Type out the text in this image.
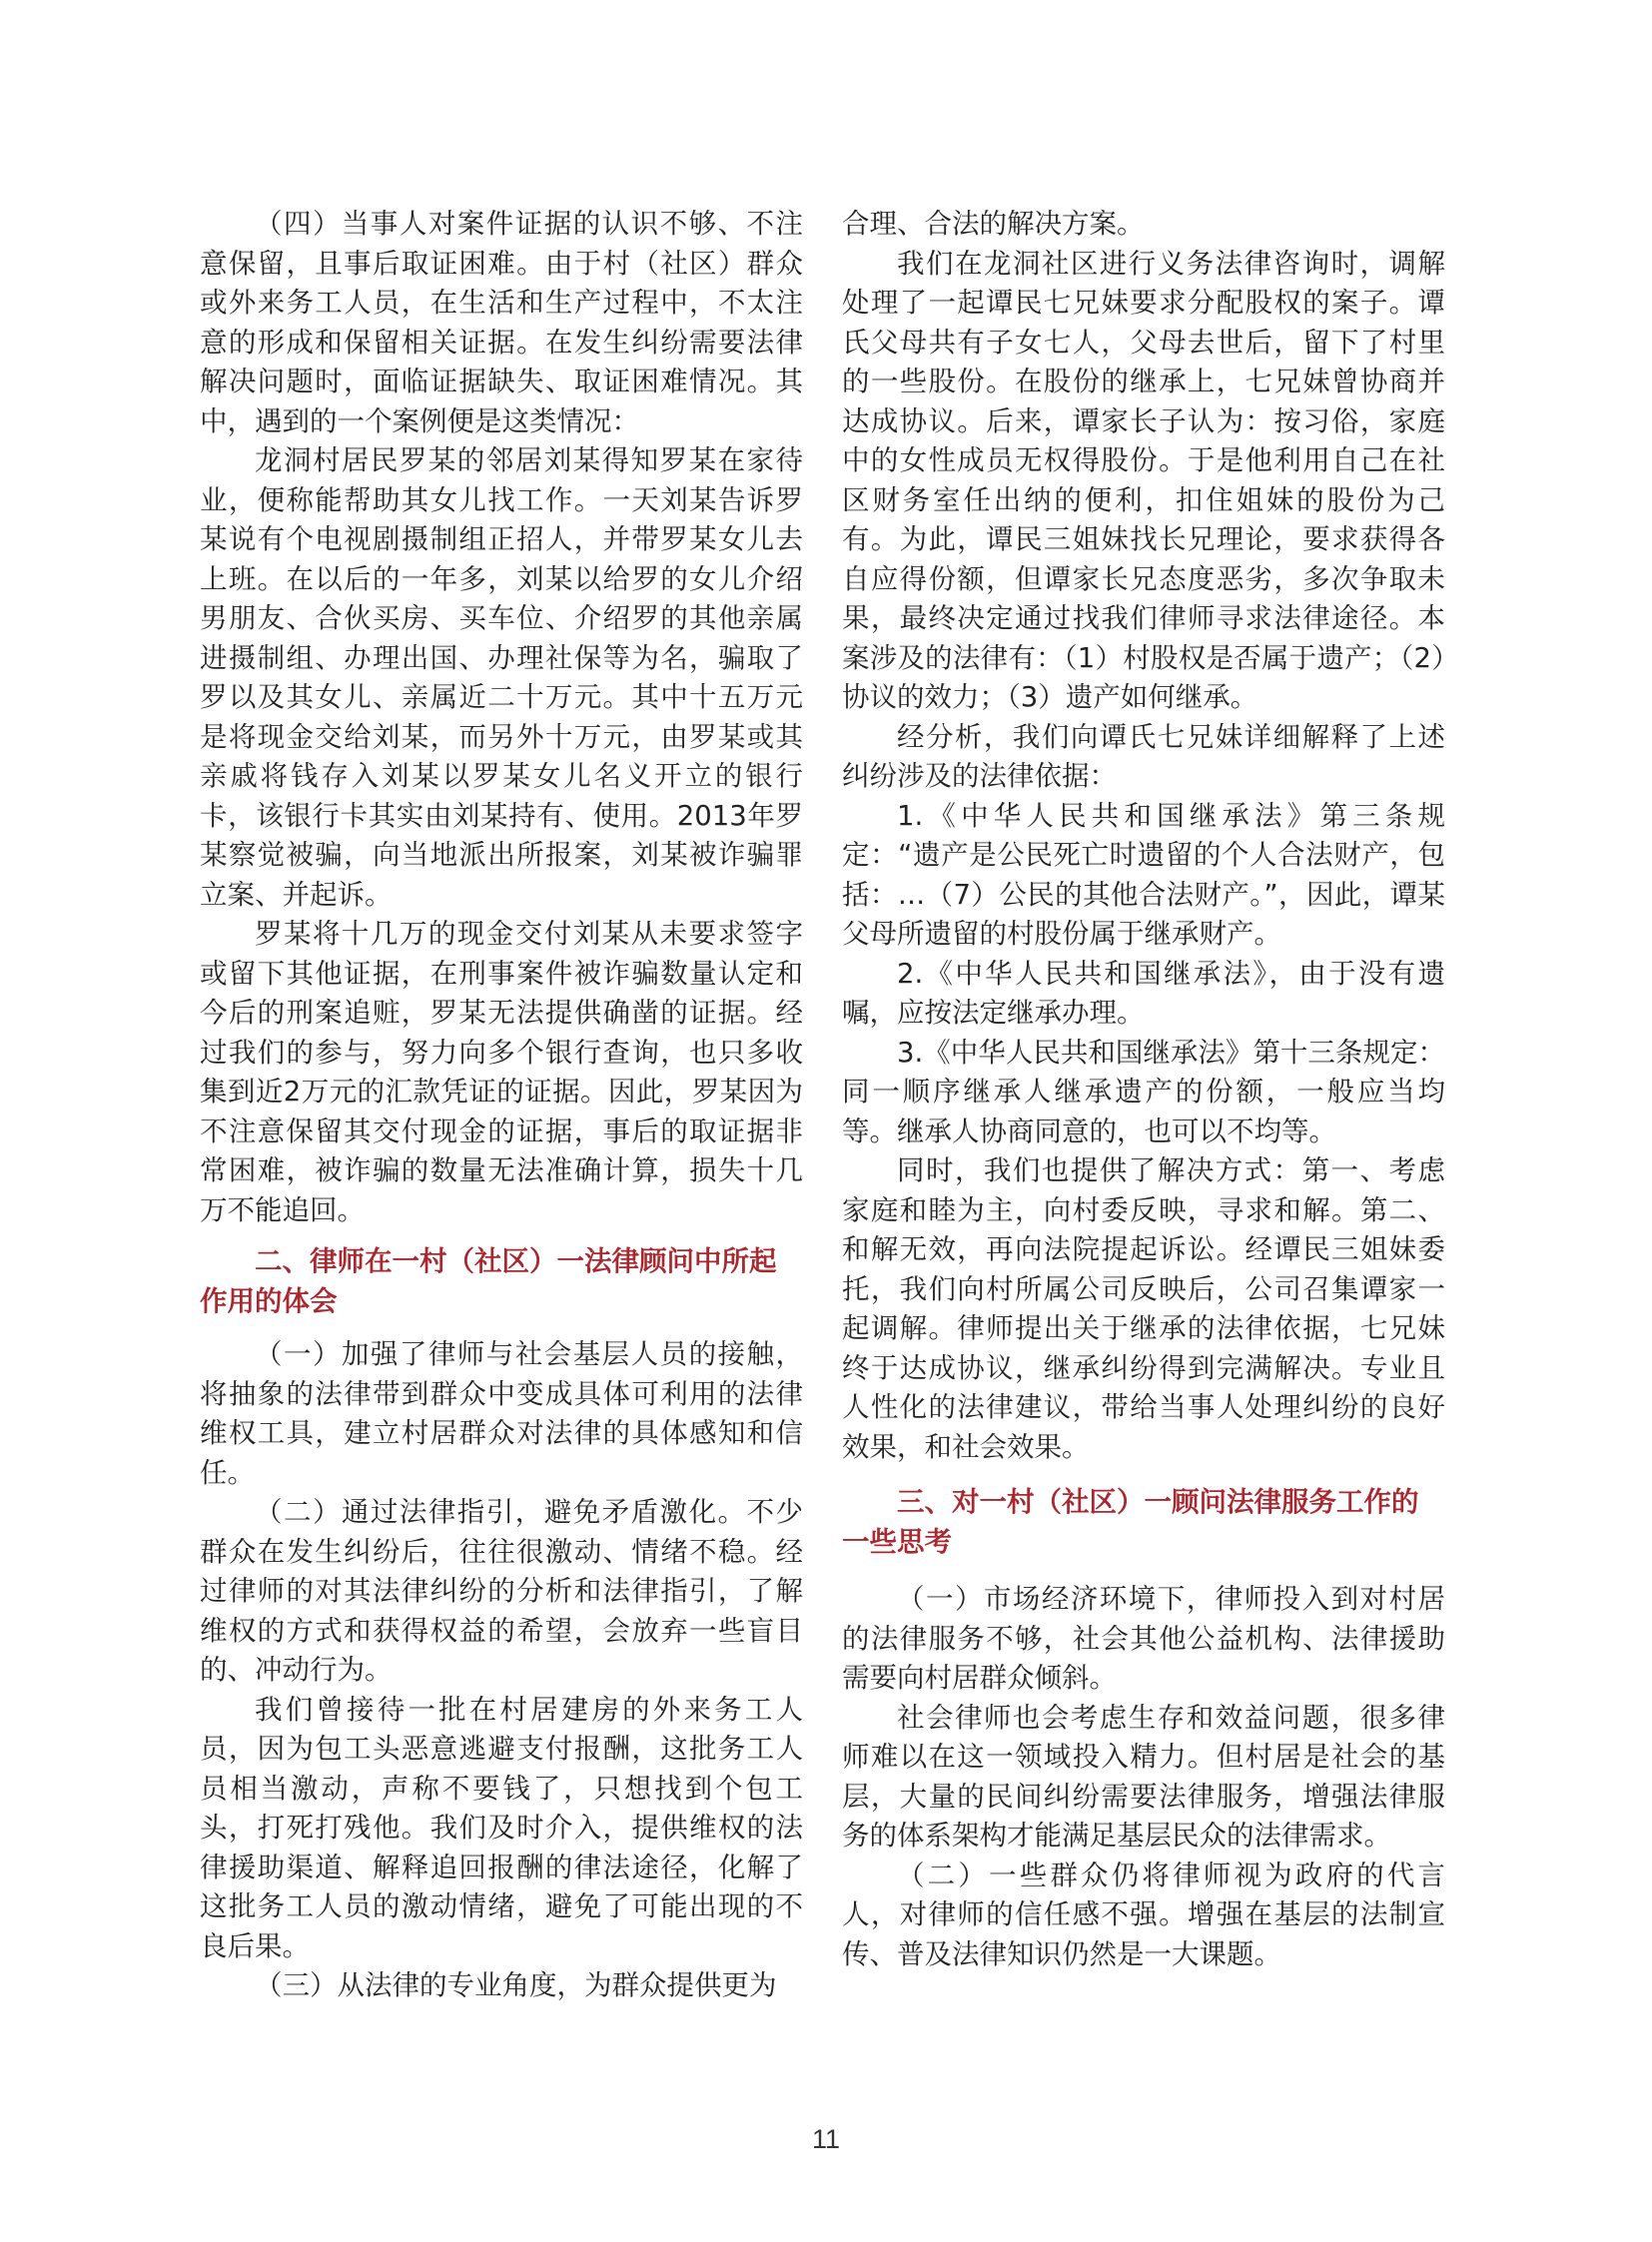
（四）当事人对案件证据的认识不够、不注意保留，且事后取证困难。由于村（社区）群众或外来务工人员，在生活和生产过程中，不太注意的形成和保留相关证据。在发生纠纷需要法律解决问题时，面临证据缺失、取证困难情况。其中，遇到的一个案例便是这类情况：

龙洞村居民罗某的邻居刘某得知罗某在家待业，便称能帮助其女儿找工作。一天刘某告诉罗某说有个电视剧摄制组正招人，并带罗某女儿去上班。在以后的一年多，刘某以给罗的女儿介绍男朋友、合伙买房、买车位、介绍罗的其他亲属进摄制组、办理出国、办理社保等为名，骗取了罗以及其女儿、亲属近二十万元。其中十五万元是将现金交给刘某，而另外十万元，由罗某或其亲戚将钱存入刘某以罗某女儿名义开立的银行卡，该银行卡其实由刘某持有、使用。2013年罗某察觉被骗，向当地派出所报案，刘某被诈骗罪立案、并起诉。

罗某将十几万的现金交付刘某从未要求签字或留下其他证据，在刑事案件被诈骗数量认定和今后的刑案追赃，罗某无法提供确凿的证据。经过我们的参与，努力向多个银行查询，也只多收集到近2万元的汇款凭证的证据。因此，罗某因为不注意保留其交付现金的证据，事后的取证据非常困难，被诈骗的数量无法准确计算，损失十几万不能追回。

二、律师在一村（社区）一法律顾问中所起作用的体会

（一）加强了律师与社会基层人员的接触，将抽象的法律带到群众中变成具体可利用的法律维权工具，建立村居群众对法律的具体感知和信任。

（二）通过法律指引，避免矛盾激化。不少群众在发生纠纷后，往往很激动、情绪不稳。经过律师的对其法律纠纷的分析和法律指引，了解维权的方式和获得权益的希望，会放弃一些盲目的、冲动行为。

我们曾接待一批在村居建房的外来务工人员，因为包工头恶意逃避支付报酬，这批务工人员相当激动，声称不要钱了，只想找到个包工头，打死打残他。我们及时介入，提供维权的法律援助渠道、解释追回报酬的律法途径，化解了这批务工人员的激动情绪，避免了可能出现的不良后果。

（三）从法律的专业角度，为群众提供更为

合理、合法的解决方案。

我们在龙洞社区进行义务法律咨询时，调解处理了一起谭民七兄妹要求分配股权的案子。谭氏父母共有子女七人，父母去世后，留下了村里的一些股份。在股份的继承上，七兄妹曾协商并达成协议。后来，谭家长子认为：按习俗，家庭中的女性成员无权得股份。于是他利用自己在社区财务室任出纳的便利，扣住姐妹的股份为己有。为此，谭民三姐妹找长兄理论，要求获得各自应得份额，但谭家长兄态度恶劣，多次争取未果，最终决定通过找我们律师寻求法律途径。本案涉及的法律有：（1）村股权是否属于遗产；（2）协议的效力；（3）遗产如何继承。

经分析，我们向谭氏七兄妹详细解释了上述纠纷涉及的法律依据：

1.《中华人民共和国继承法》第三条规定：“遗产是公民死亡时遗留的个人合法财产，包括：…（7）公民的其他合法财产。”，因此，谭某父母所遗留的村股份属于继承财产。

2.《中华人民共和国继承法》，由于没有遗嘱，应按法定继承办理。

3.《中华人民共和国继承法》第十三条规定：同一顺序继承人继承遗产的份额，一般应当均等。继承人协商同意的，也可以不均等。

同时，我们也提供了解决方式：第一、考虑家庭和睦为主，向村委反映，寻求和解。第二、和解无效，再向法院提起诉讼。经谭民三姐妹委托，我们向村所属公司反映后，公司召集谭家一起调解。律师提出关于继承的法律依据，七兄妹终于达成协议，继承纠纷得到完满解决。专业且人性化的法律建议，带给当事人处理纠纷的良好效果，和社会效果。

三、对一村（社区）一顾问法律服务工作的一些思考

（一）市场经济环境下，律师投入到对村居的法律服务不够，社会其他公益机构、法律援助需要向村居群众倾斜。

社会律师也会考虑生存和效益问题，很多律师难以在这一领域投入精力。但村居是社会的基层，大量的民间纠纷需要法律服务，增强法律服务的体系架构才能满足基层民众的法律需求。

（二）一些群众仍将律师视为政府的代言人，对律师的信任感不强。增强在基层的法制宣传、普及法律知识仍然是一大课题。

11
